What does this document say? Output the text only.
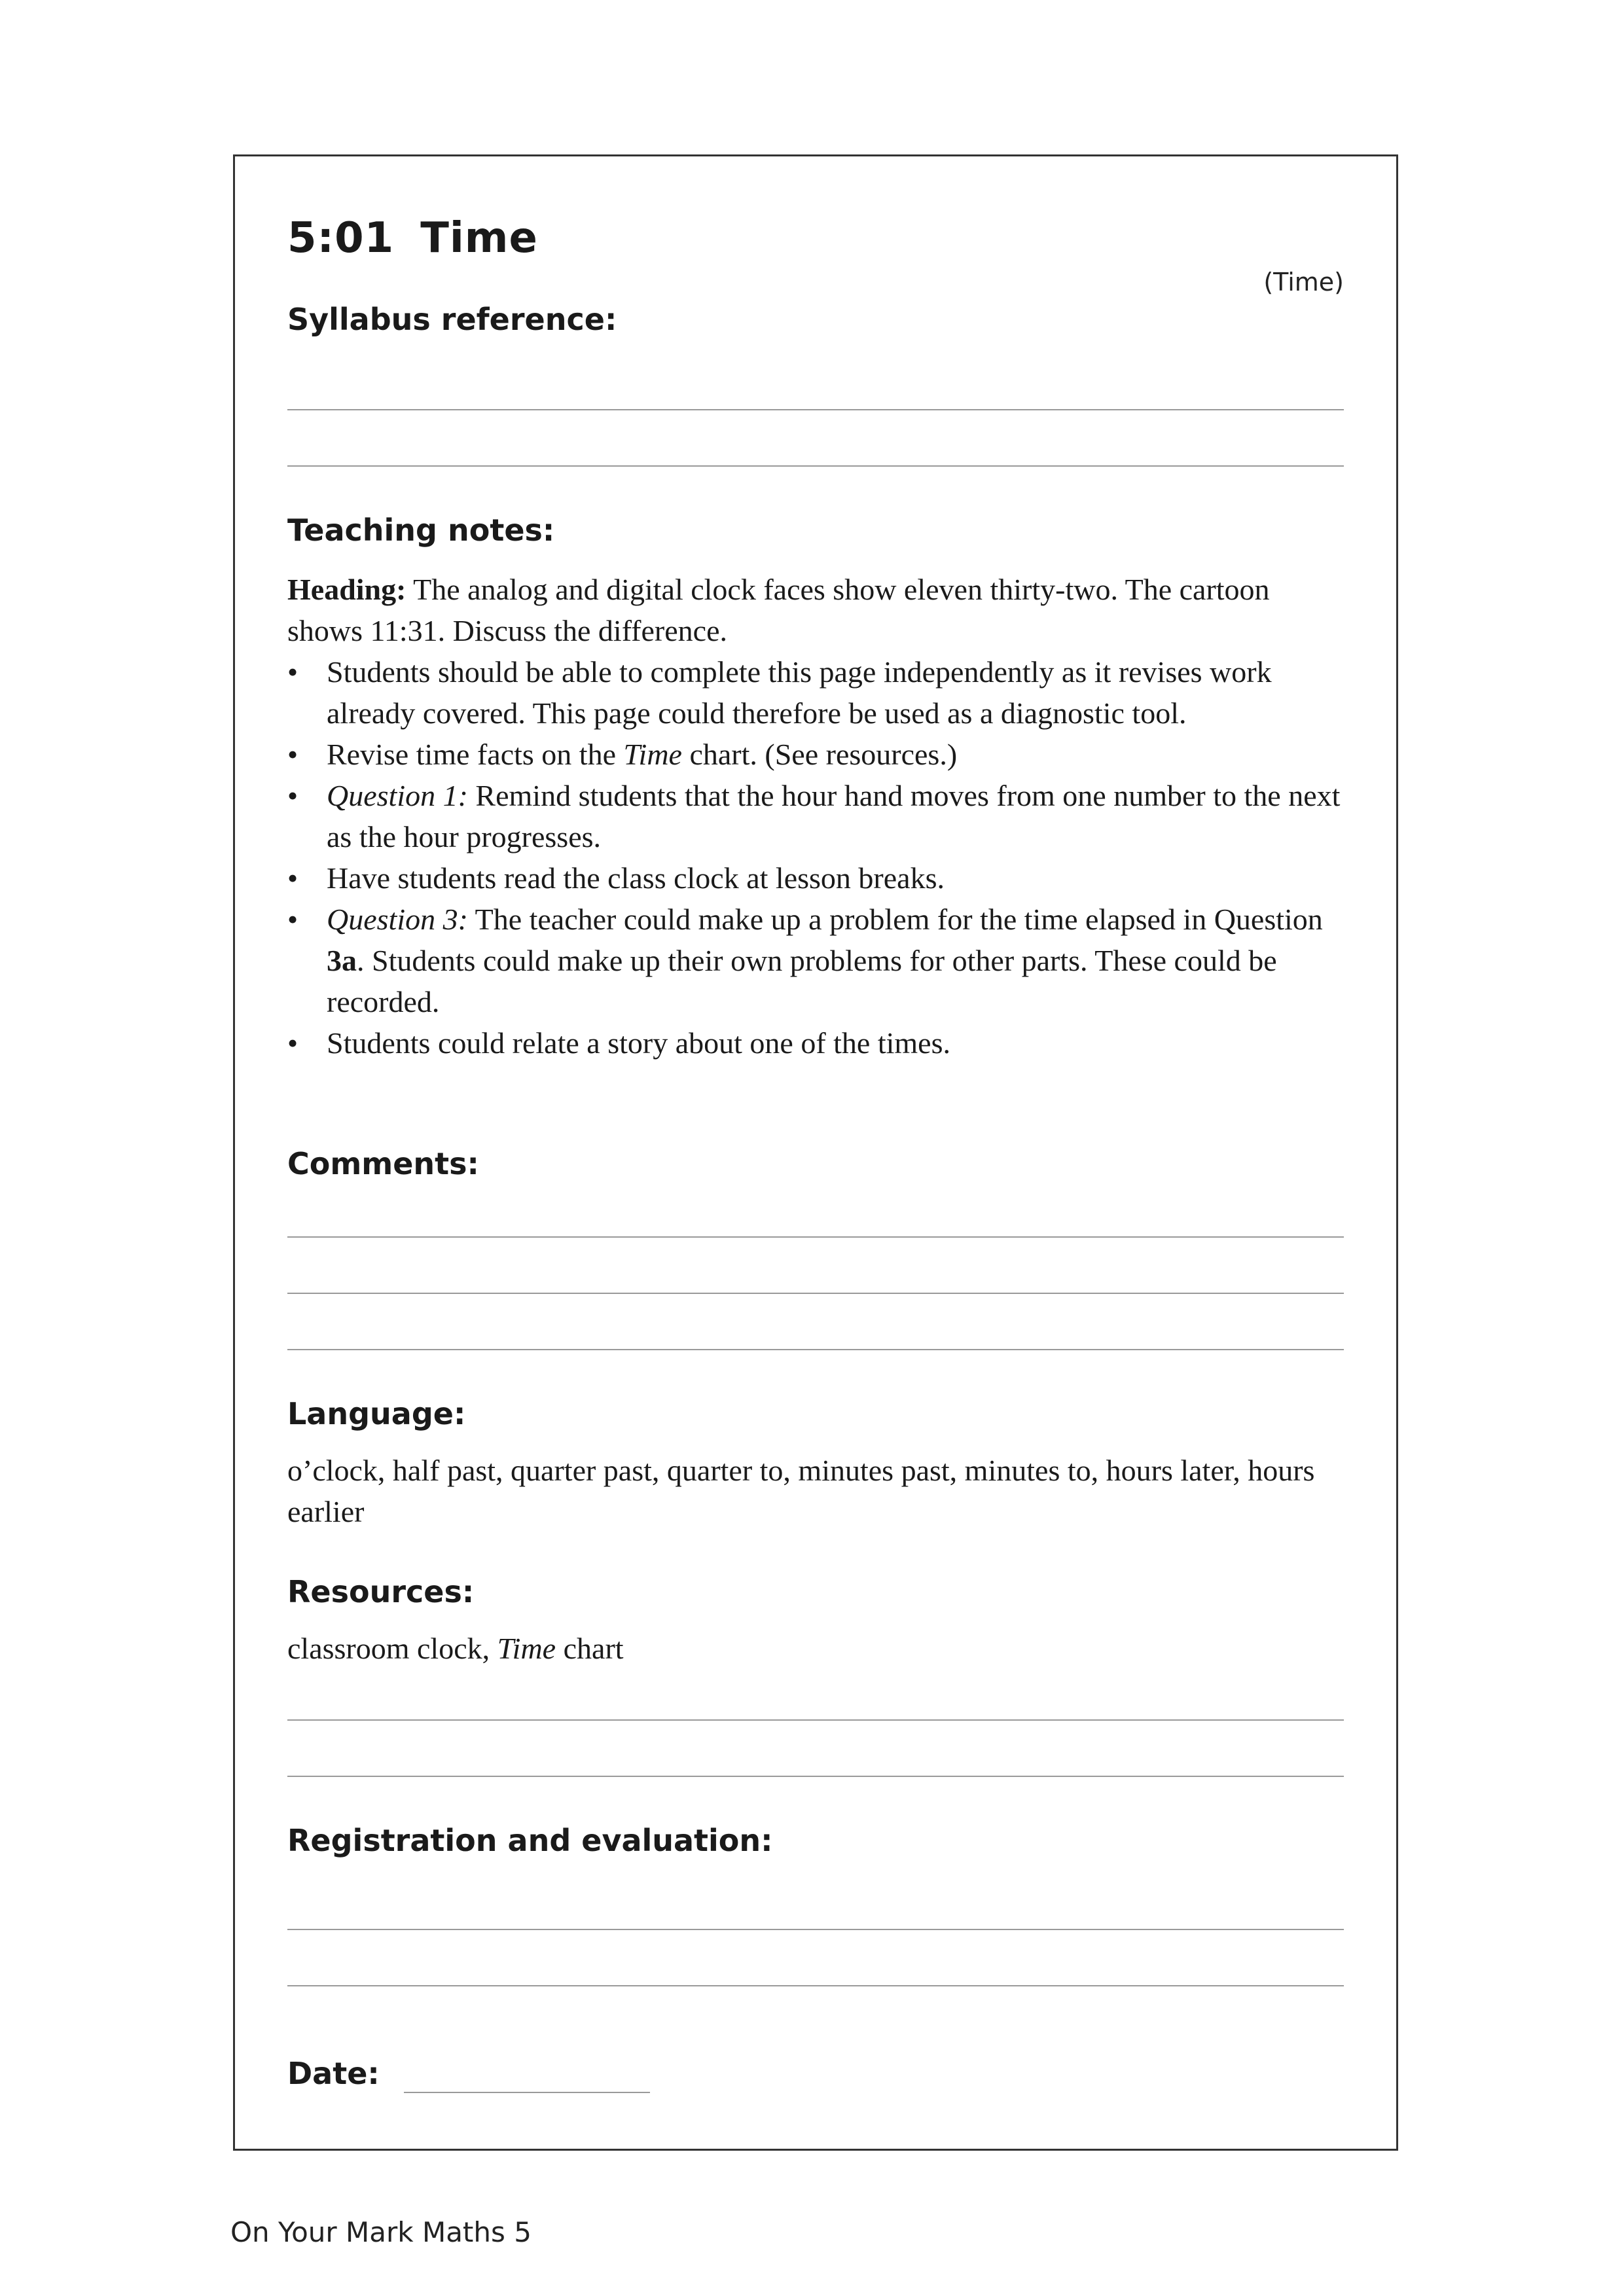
5:01 Time
(Time)
Syllabus reference:
Teaching notes:

Heading: The analog and digital clock faces show eleven thirty-two. The cartoon shows 11:31. Discuss the difference.

• Students should be able to complete this page independently as it revises work already covered. This page could therefore be used as a diagnostic tool.
• Revise time facts on the Time chart. (See resources.)
• Question 1: Remind students that the hour hand moves from one number to the next as the hour progresses.
• Have students read the class clock at lesson breaks.
• Question 3: The teacher could make up a problem for the time elapsed in Question 3a. Students could make up their own problems for other parts. These could be recorded.
• Students could relate a story about one of the times.
Comments:
Language:
o’clock, half past, quarter past, quarter to, minutes past, minutes to, hours later, hours earlier
Resources:
classroom clock, Time chart
Registration and evaluation:
Date:
On Your Mark Maths 5
